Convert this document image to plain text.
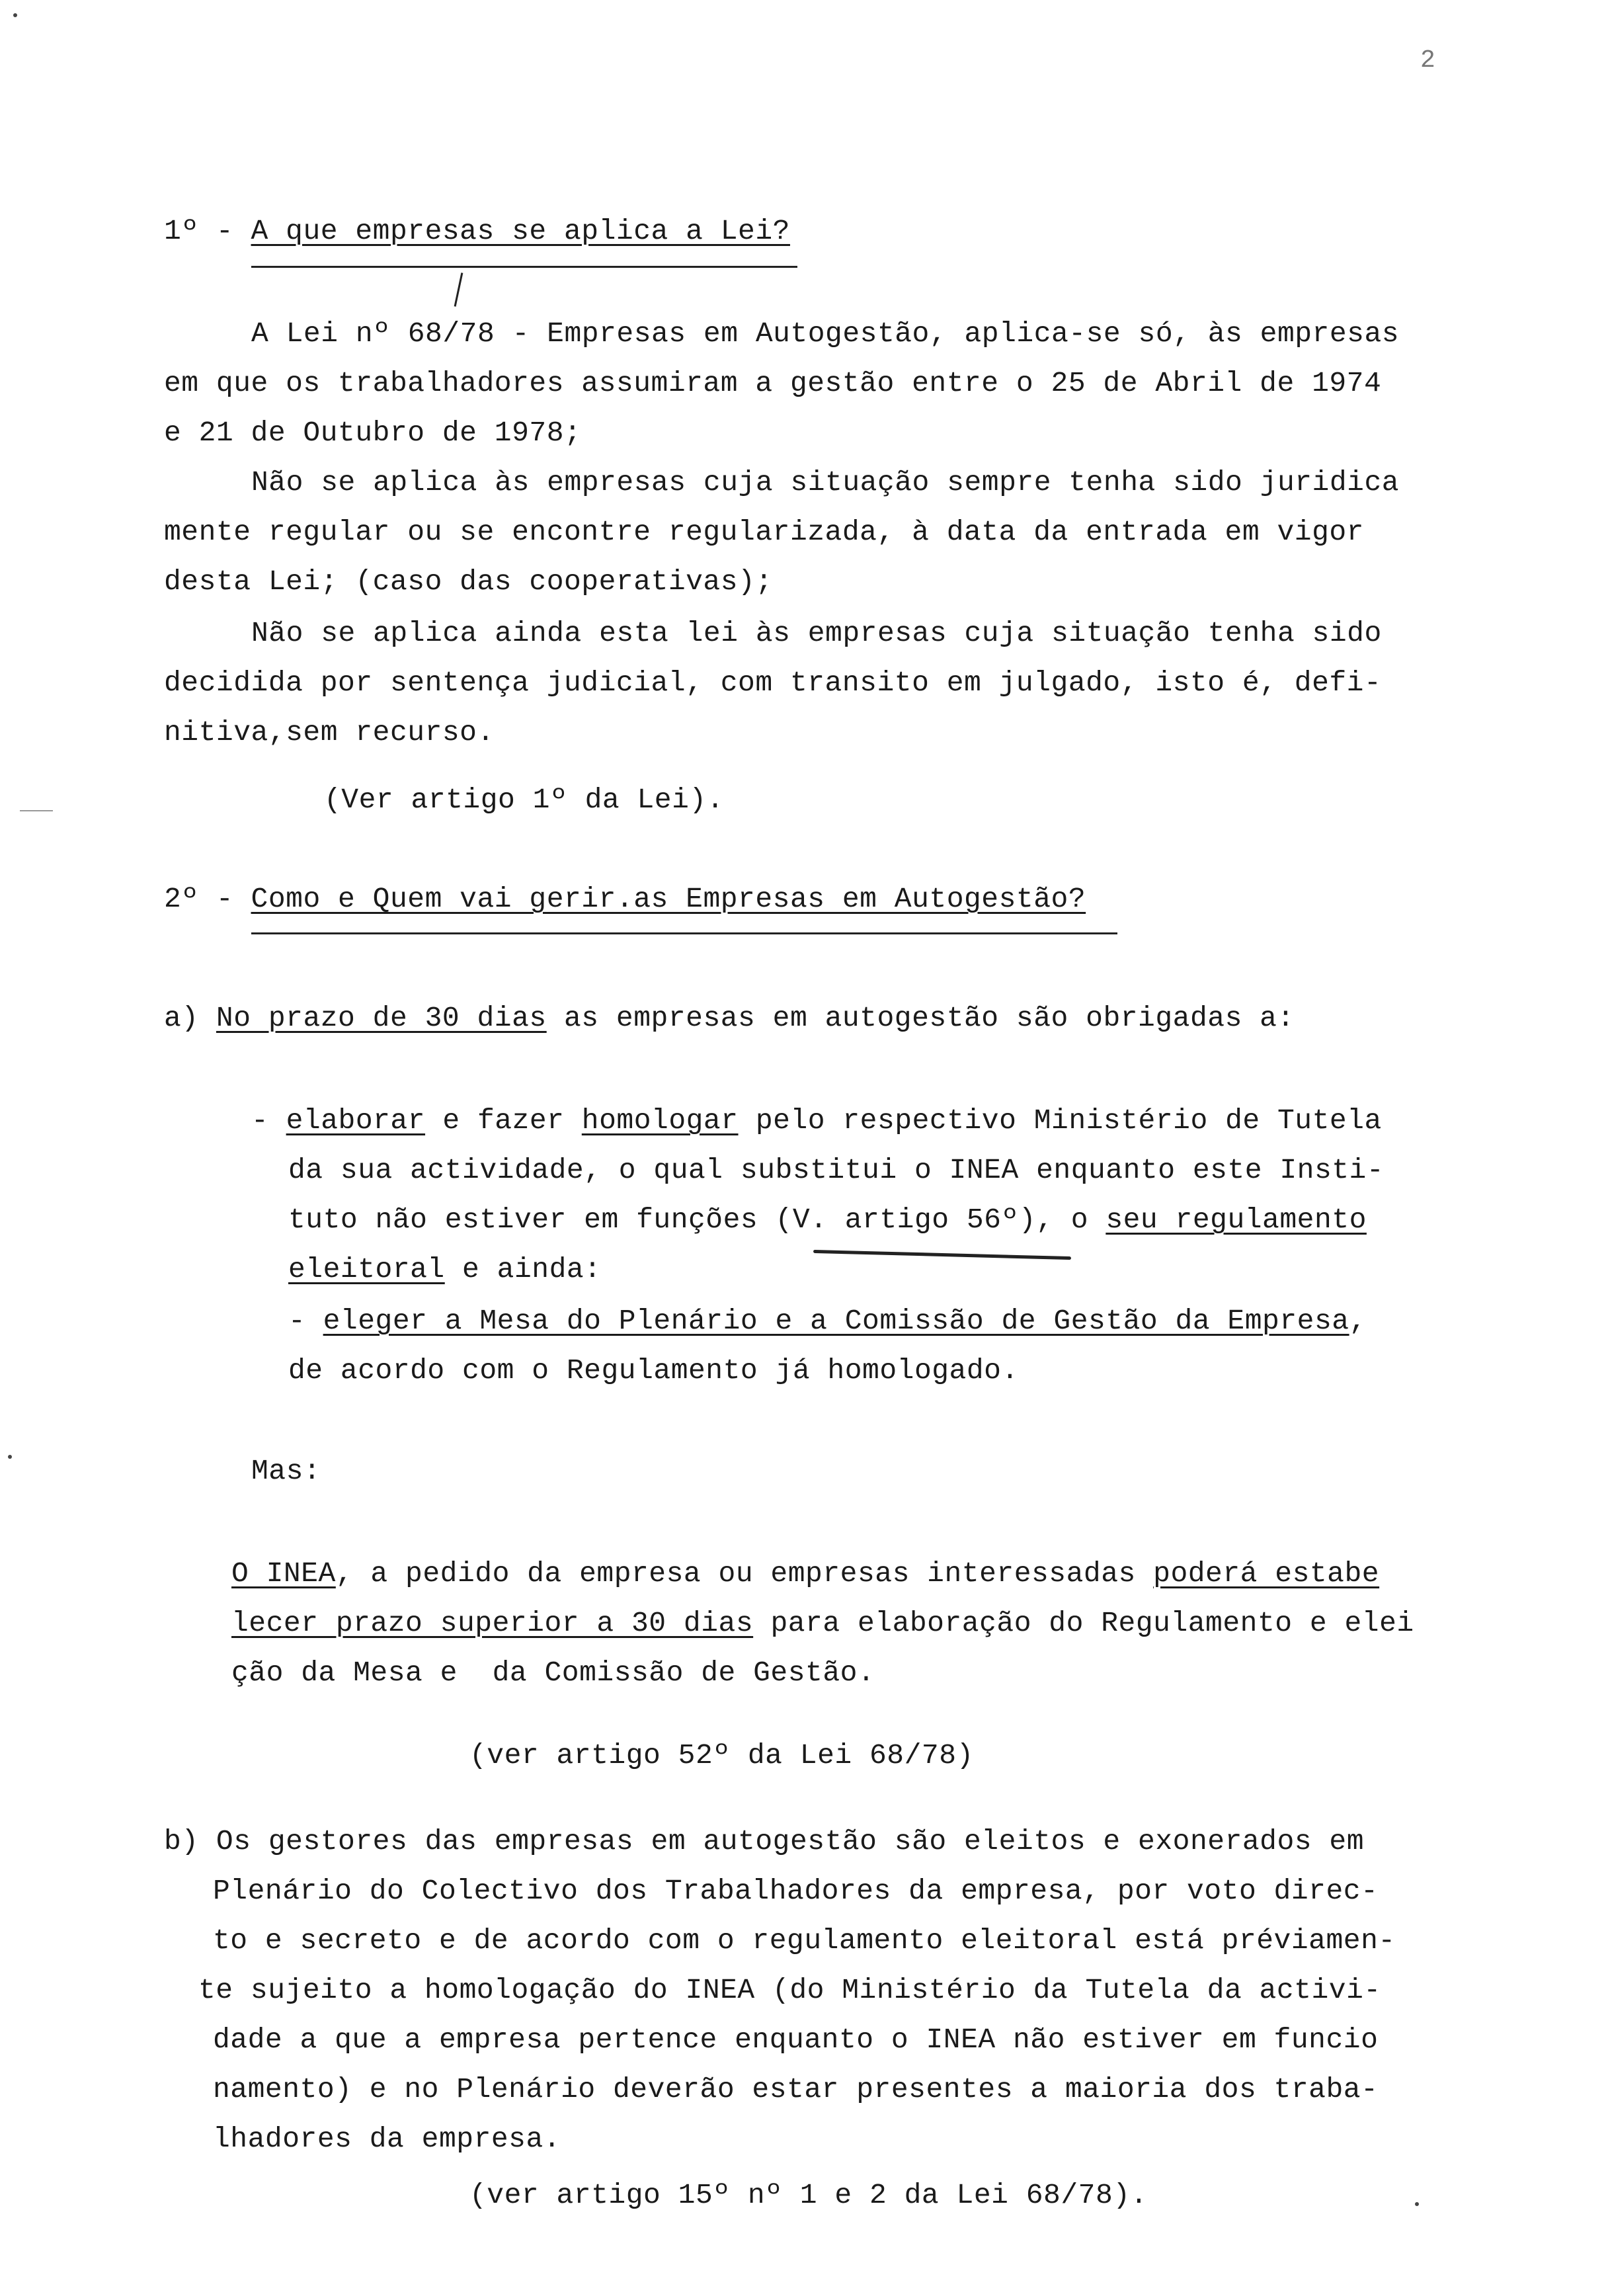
2
1º - A que empresas se aplica a Lei?
A Lei nº 68/78 - Empresas em Autogestão, aplica-se só, às empresas
em que os trabalhadores assumiram a gestão entre o 25 de Abril de 1974
e 21 de Outubro de 1978;
Não se aplica às empresas cuja situação sempre tenha sido juridica
mente regular ou se encontre regularizada, à data da entrada em vigor
desta Lei; (caso das cooperativas);
Não se aplica ainda esta lei às empresas cuja situação tenha sido
decidida por sentença judicial, com transito em julgado, isto é, defi-
nitiva,sem recurso.
(Ver artigo 1º da Lei).
2º - Como e Quem vai gerir.as Empresas em Autogestão?
a) No prazo de 30 dias as empresas em autogestão são obrigadas a:
- elaborar e fazer homologar pelo respectivo Ministério de Tutela
da sua actividade, o qual substitui o INEA enquanto este Insti-
tuto não estiver em funções (V. artigo 56º), o seu regulamento
eleitoral e ainda:
- eleger a Mesa do Plenário e a Comissão de Gestão da Empresa,
de acordo com o Regulamento já homologado.
Mas:
O INEA, a pedido da empresa ou empresas interessadas poderá estabe
lecer prazo superior a 30 dias para elaboração do Regulamento e elei
ção da Mesa e  da Comissão de Gestão.
(ver artigo 52º da Lei 68/78)
b) Os gestores das empresas em autogestão são eleitos e exonerados em
Plenário do Colectivo dos Trabalhadores da empresa, por voto direc-
to e secreto e de acordo com o regulamento eleitoral está préviamen-
te sujeito a homologação do INEA (do Ministério da Tutela da activi-
dade a que a empresa pertence enquanto o INEA não estiver em funcio
namento) e no Plenário deverão estar presentes a maioria dos traba-
lhadores da empresa.
(ver artigo 15º nº 1 e 2 da Lei 68/78).
